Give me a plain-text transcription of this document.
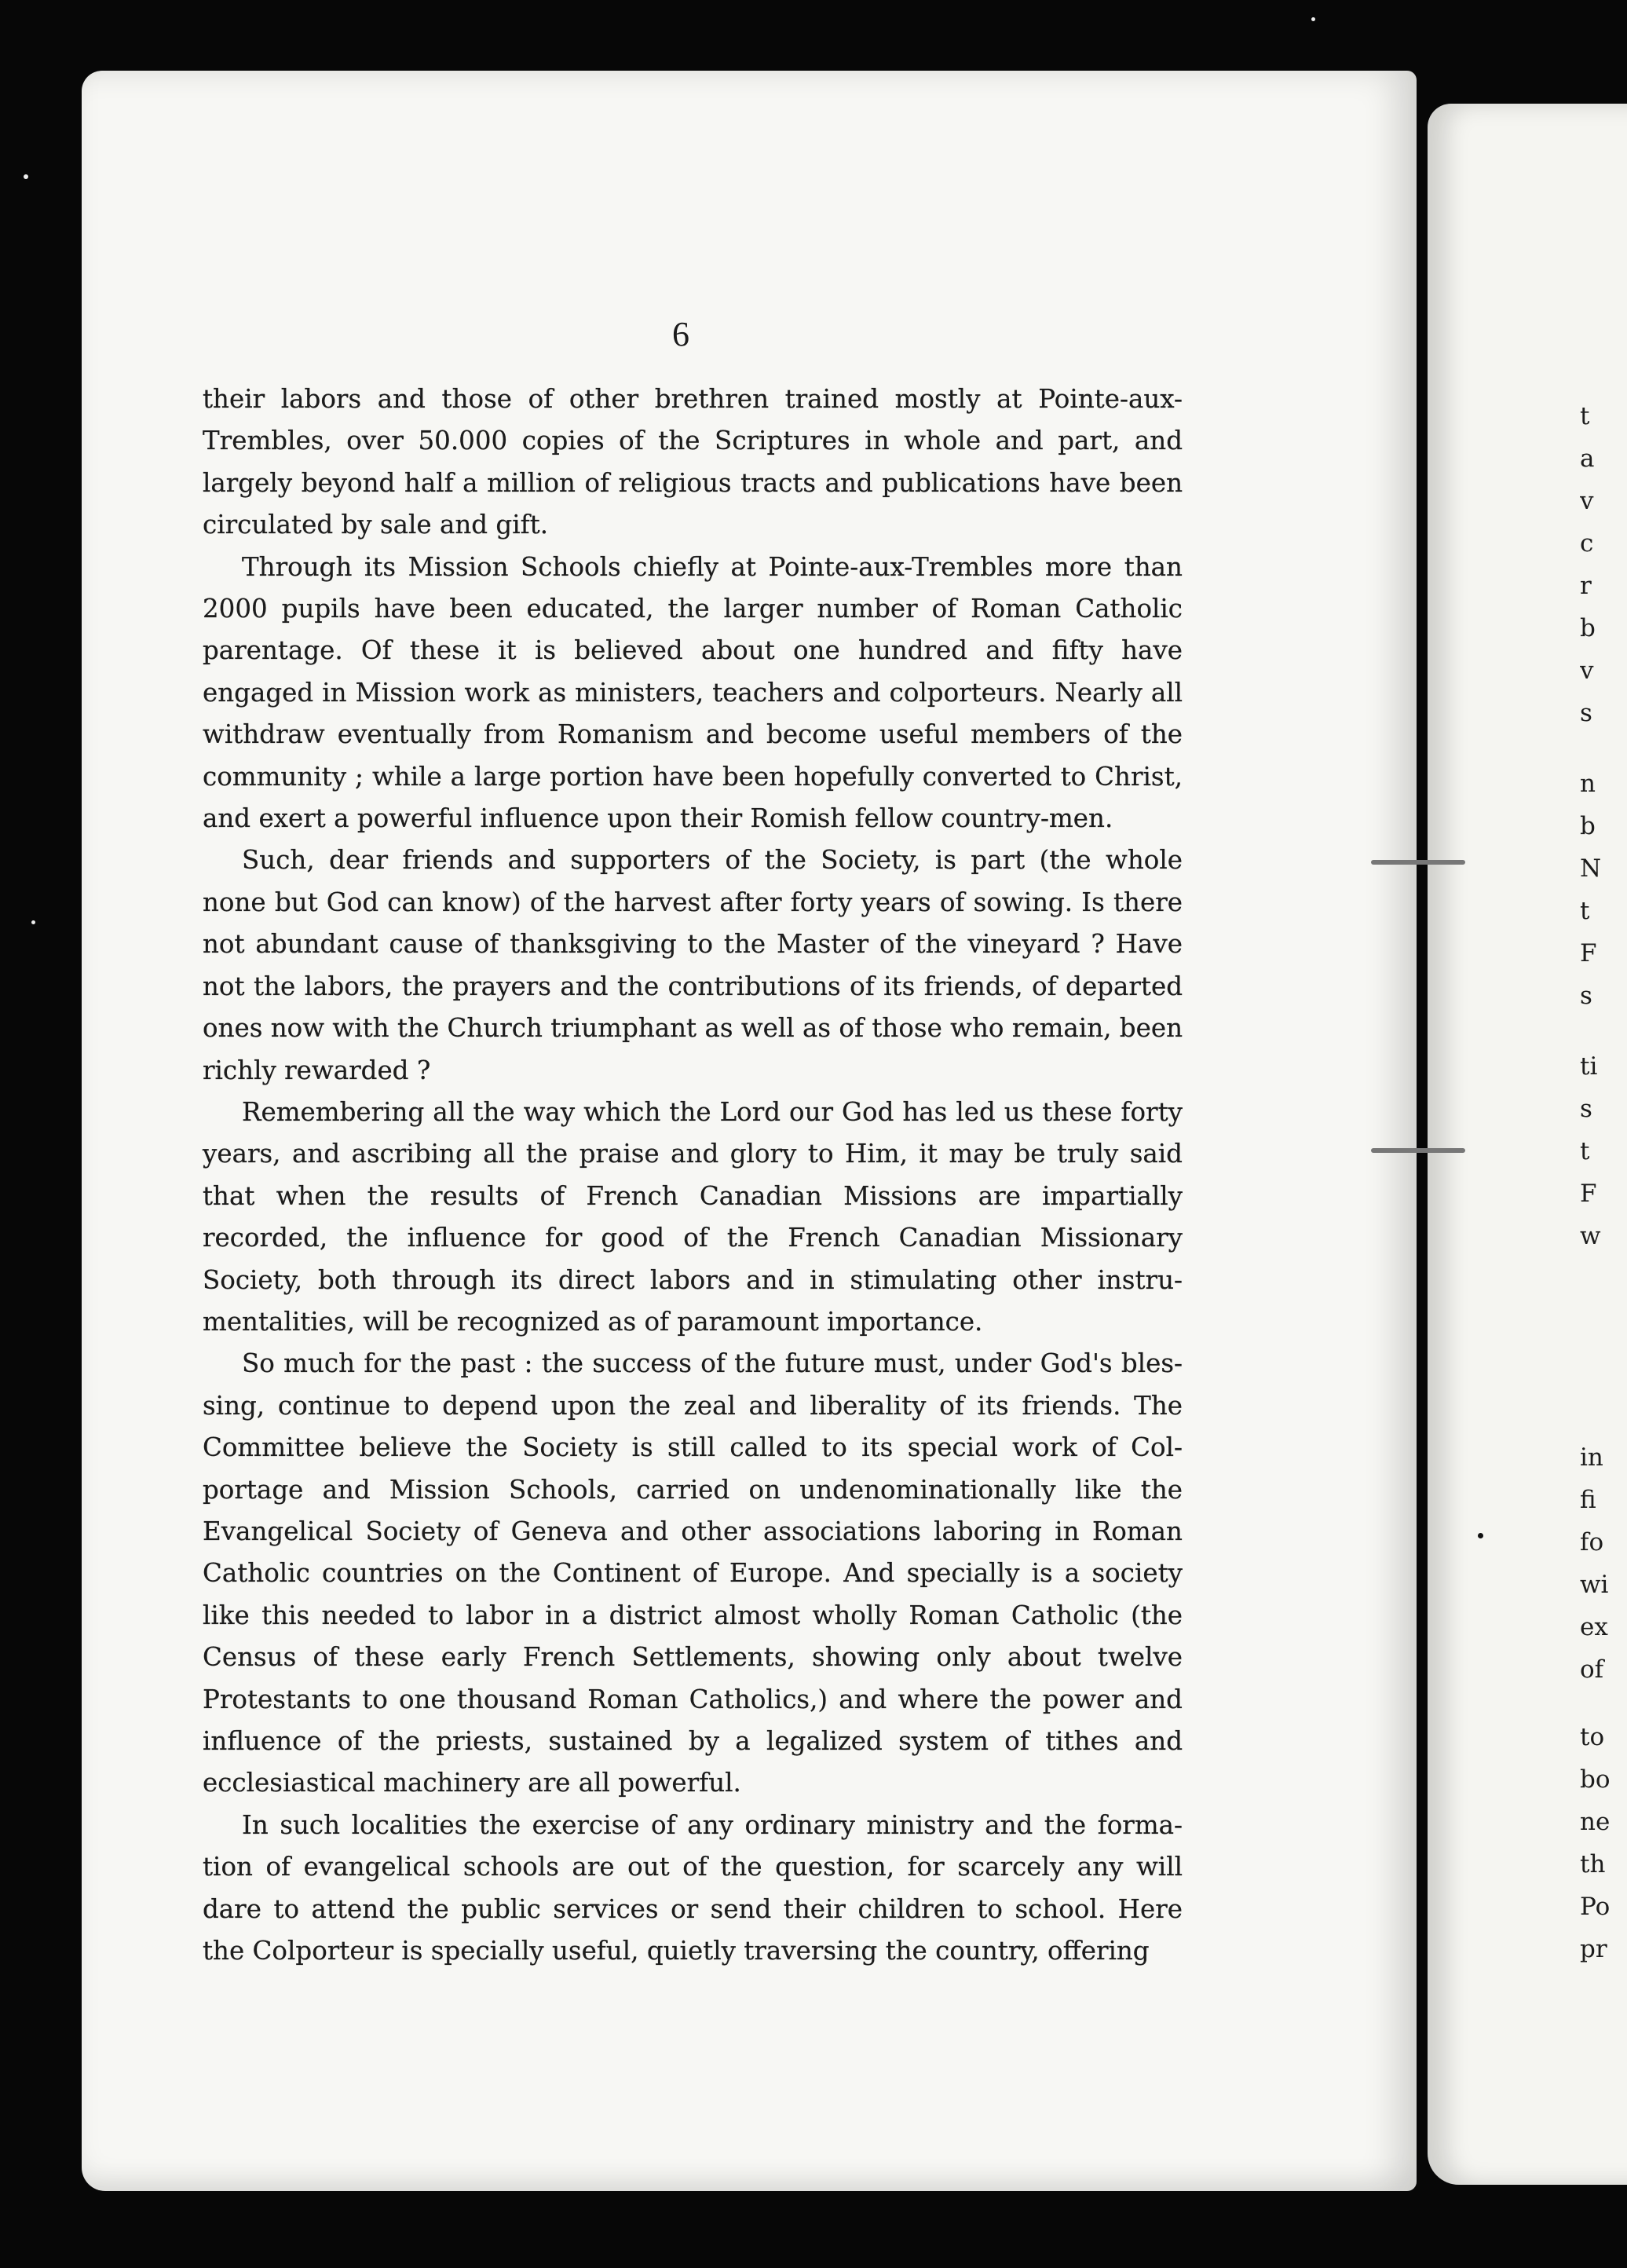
6

their labors and those of other brethren trained mostly at Pointe-aux-Trembles, over 50.000 copies of the Scriptures in whole and part, and largely beyond half a million of religious tracts and publications have been circulated by sale and gift.

Through its Mission Schools chiefly at Pointe-aux-Trembles more than 2000 pupils have been educated, the larger number of Roman Catholic parentage. Of these it is believed about one hundred and fifty have engaged in Mission work as ministers, teachers and colporteurs. Nearly all withdraw eventually from Romanism and become useful members of the community ; while a large portion have been hopefully converted to Christ, and exert a powerful influence upon their Romish fellow country-men.

Such, dear friends and supporters of the Society, is part (the whole none but God can know) of the harvest after forty years of sowing. Is there not abundant cause of thanksgiving to the Master of the vineyard ? Have not the labors, the prayers and the contributions of its friends, of departed ones now with the Church triumphant as well as of those who remain, been richly rewarded ?

Remembering all the way which the Lord our God has led us these forty years, and ascribing all the praise and glory to Him, it may be truly said that when the results of French Canadian Missions are impartially recorded, the influence for good of the French Canadian Missionary Society, both through its direct labors and in stimulating other instru-mentalities, will be recognized as of paramount importance.

So much for the past : the success of the future must, under God's bles-sing, continue to depend upon the zeal and liberality of its friends. The Committee believe the Society is still called to its special work of Col-portage and Mission Schools, carried on undenominationally like the Evangelical Society of Geneva and other associations laboring in Roman Catholic countries on the Continent of Europe. And specially is a society like this needed to labor in a district almost wholly Roman Catholic (the Census of these early French Settlements, showing only about twelve Protestants to one thousand Roman Catholics,) and where the power and influence of the priests, sustained by a legalized system of tithes and ecclesiastical machinery are all powerful.

In such localities the exercise of any ordinary ministry and the forma-tion of evangelical schools are out of the question, for scarcely any will dare to attend the public services or send their children to school. Here the Colporteur is specially useful, quietly traversing the country, offering

t
a
v
c
r
b
v
s
n
b
N
t
F
s
ti
s
t
F
w
in
fi
fo
wi
ex
of
to
bo
ne
th
Po
pr
